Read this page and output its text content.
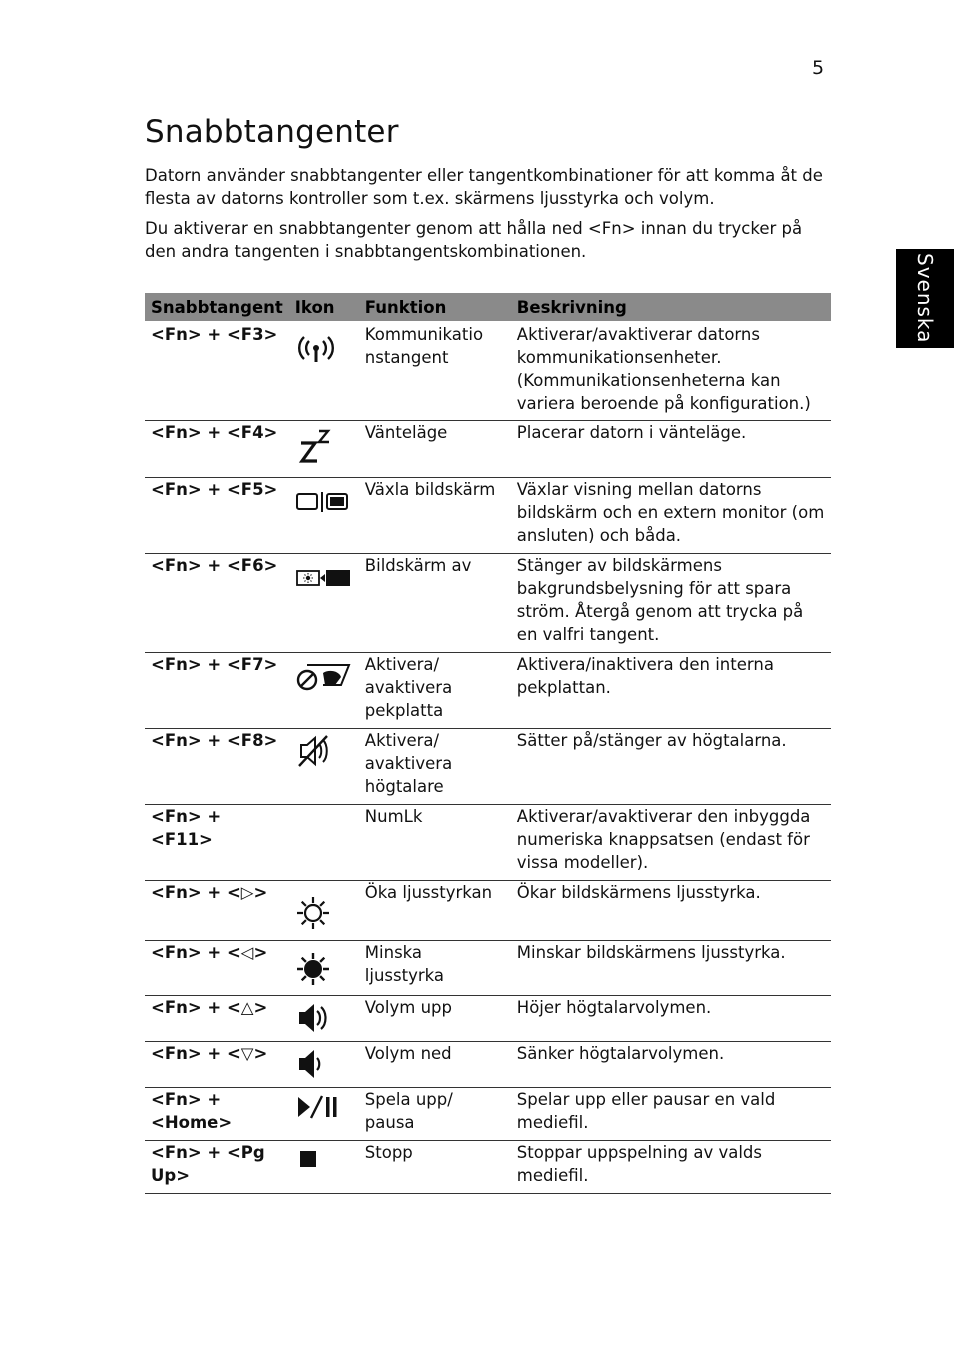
5
Svenska
Snabbtangenter

Datorn använder snabbtangenter eller tangentkombinationer för att komma åt de flesta av datorns kontroller som t.ex. skärmens ljusstyrka och volym.

Du aktiverar en snabbtangenter genom att hålla ned <Fn> innan du trycker på den andra tangenten i snabbtangentskombinationen.

Snabbtangent	Ikon	Funktion	Beskrivning
<Fn> + <F3>		Kommunikatio nstangent	Aktiverar/avaktiverar datorns kommunikationsenheter. (Kommunikationsenheterna kan variera beroende på konfiguration.)
<Fn> + <F4>		Vänteläge	Placerar datorn i vänteläge.
<Fn> + <F5>		Växla bildskärm	Växlar visning mellan datorns bildskärm och en extern monitor (om ansluten) och båda.
<Fn> + <F6>		Bildskärm av	Stänger av bildskärmens bakgrundsbelysning för att spara ström. Återgå genom att trycka på en valfri tangent.
<Fn> + <F7>		Aktivera/ avaktivera pekplatta	Aktivera/inaktivera den interna pekplattan.
<Fn> + <F8>		Aktivera/ avaktivera högtalare	Sätter på/stänger av högtalarna.
<Fn> + <F11>		NumLk	Aktiverar/avaktiverar den inbyggda numeriska knappsatsen (endast för vissa modeller).
<Fn> + <▷>		Öka ljusstyrkan	Ökar bildskärmens ljusstyrka.
<Fn> + <◁>		Minska ljusstyrka	Minskar bildskärmens ljusstyrka.
<Fn> + <△>		Volym upp	Höjer högtalarvolymen.
<Fn> + <▽>		Volym ned	Sänker högtalarvolymen.
<Fn> + <Home>		Spela upp/ pausa	Spelar upp eller pausar en vald mediefil.
<Fn> + <Pg Up>		Stopp	Stoppar uppspelning av valds mediefil.
